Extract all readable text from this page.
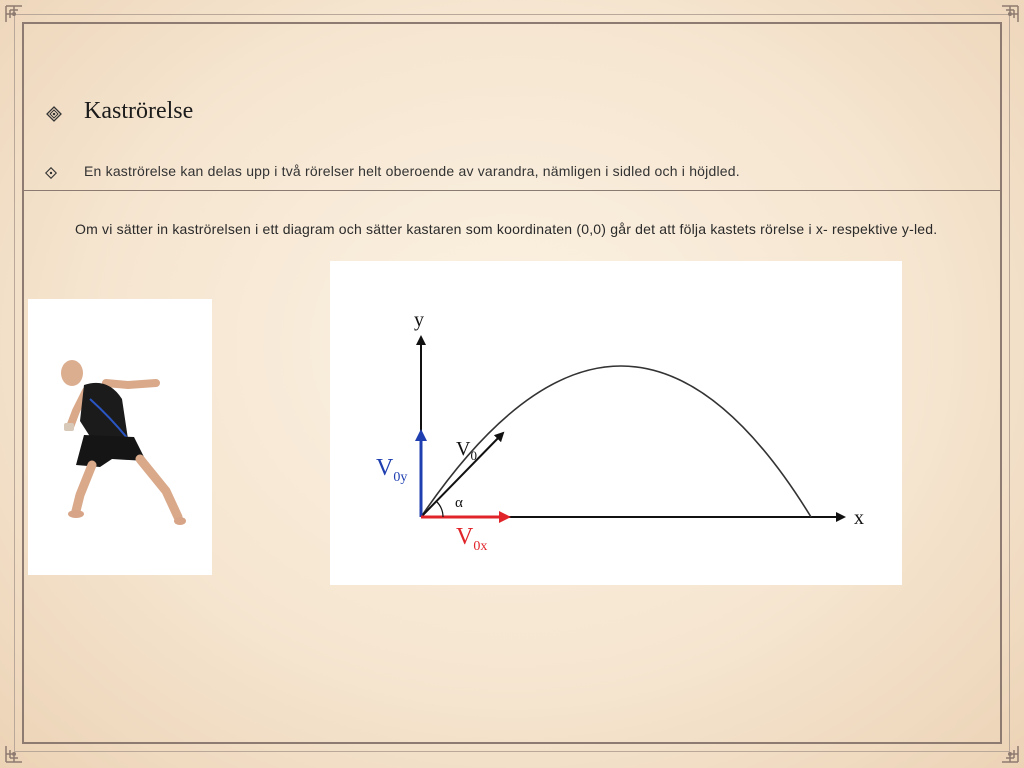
Kaströrelse
En kaströrelse kan delas upp i två rörelser helt oberoende av varandra, nämligen i sidled och i höjdled.
Om vi sätter in kaströrelsen i ett diagram och sätter kastaren som koordinaten (0,0) går det att följa kastets rörelse i x- respektive y-led.
y
x
$V_0$
α
$V_{0y}$
$V_{0x}$
